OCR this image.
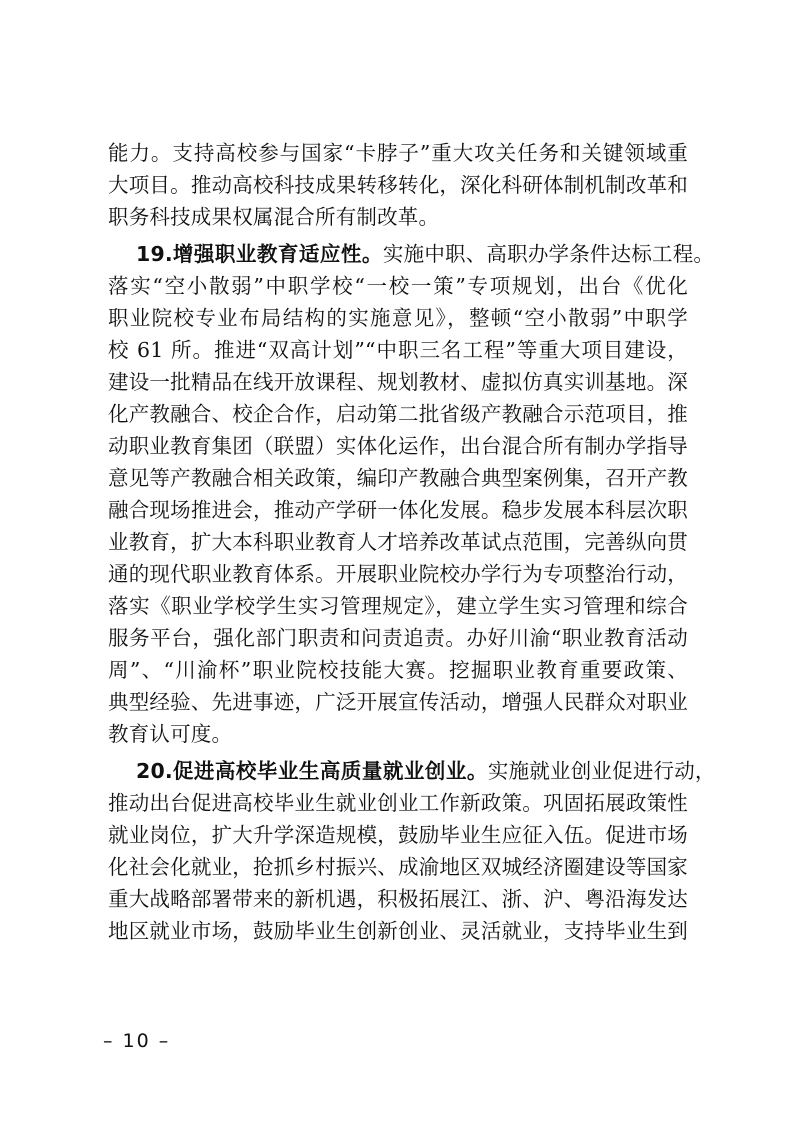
能力。支持高校参与国家“卡脖子”重大攻关任务和关键领域重
大项目。推动高校科技成果转移转化，深化科研体制机制改革和
职务科技成果权属混合所有制改革。
19.增强职业教育适应性。实施中职、高职办学条件达标工程。
落实“空小散弱”中职学校“一校一策”专项规划，出台《优化
职业院校专业布局结构的实施意见》，整顿“空小散弱”中职学
校 61 所。推进“双高计划”“中职三名工程”等重大项目建设，
建设一批精品在线开放课程、规划教材、虚拟仿真实训基地。深
化产教融合、校企合作，启动第二批省级产教融合示范项目，推
动职业教育集团（联盟）实体化运作，出台混合所有制办学指导
意见等产教融合相关政策，编印产教融合典型案例集，召开产教
融合现场推进会，推动产学研一体化发展。稳步发展本科层次职
业教育，扩大本科职业教育人才培养改革试点范围，完善纵向贯
通的现代职业教育体系。开展职业院校办学行为专项整治行动，
落实《职业学校学生实习管理规定》，建立学生实习管理和综合
服务平台，强化部门职责和问责追责。办好川渝“职业教育活动
周”、“川渝杯”职业院校技能大赛。挖掘职业教育重要政策、
典型经验、先进事迹，广泛开展宣传活动，增强人民群众对职业
教育认可度。
20.促进高校毕业生高质量就业创业。实施就业创业促进行动，
推动出台促进高校毕业生就业创业工作新政策。巩固拓展政策性
就业岗位，扩大升学深造规模，鼓励毕业生应征入伍。促进市场
化社会化就业，抢抓乡村振兴、成渝地区双城经济圈建设等国家
重大战略部署带来的新机遇，积极拓展江、浙、沪、粤沿海发达
地区就业市场，鼓励毕业生创新创业、灵活就业，支持毕业生到
– 10 –
